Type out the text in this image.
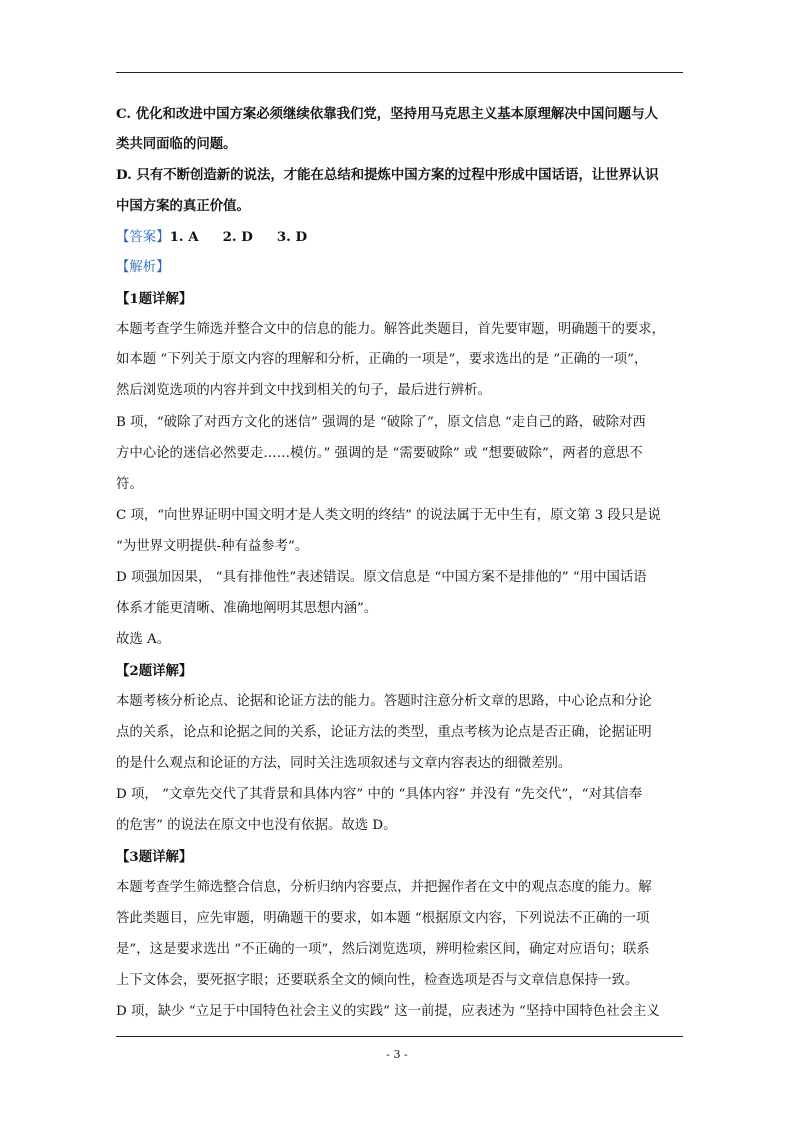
C. 优化和改进中国方案必须继续依靠我们党，坚持用马克思主义基本原理解决中国问题与人
类共同面临的问题。
D. 只有不断创造新的说法，才能在总结和提炼中国方案的过程中形成中国话语，让世界认识
中国方案的真正价值。
【答案】1. A 2. D 3. D
【解析】
【1题详解】
本题考查学生筛选并整合文中的信息的能力。解答此类题目，首先要审题，明确题干的要求，
如本题 “下列关于原文内容的理解和分析，正确的一项是”，要求选出的是 “正确的一项”，
然后浏览选项的内容并到文中找到相关的句子，最后进行辨析。
B 项，“破除了对西方文化的迷信” 强调的是 “破除了”，原文信息 “走自己的路，破除对西
方中心论的迷信必然要走……模仿。” 强调的是 “需要破除” 或 “想要破除”，两者的意思不
符。
C 项，“向世界证明中国文明才是人类文明的终结” 的说法属于无中生有，原文第 3 段只是说
“为世界文明提供-种有益参考”。
D 项强加因果， “具有排他性”表述错误。原文信息是 “中国方案不是排他的” “用中国话语
体系才能更清晰、准确地阐明其思想内涵”。
故选 A。
【2题详解】
本题考核分析论点、论据和论证方法的能力。答题时注意分析文章的思路，中心论点和分论
点的关系，论点和论据之间的关系，论证方法的类型，重点考核为论点是否正确，论据证明
的是什么观点和论证的方法，同时关注选项叙述与文章内容表达的细微差别。
D 项， “文章先交代了其背景和具体内容” 中的 “具体内容” 并没有 “先交代”，“对其信奉
的危害” 的说法在原文中也没有依据。故选 D。
【3题详解】
本题考查学生筛选整合信息，分析归纳内容要点，并把握作者在文中的观点态度的能力。解
答此类题目，应先审题，明确题干的要求，如本题 “根据原文内容，下列说法不正确的一项
是”，这是要求选出 “不正确的一项”，然后浏览选项，辨明检索区间，确定对应语句；联系
上下文体会，要死抠字眼；还要联系全文的倾向性，检查选项是否与文章信息保持一致。
D 项，缺少 “立足于中国特色社会主义的实践” 这一前提，应表述为 “坚持中国特色社会主义
- 3 -
